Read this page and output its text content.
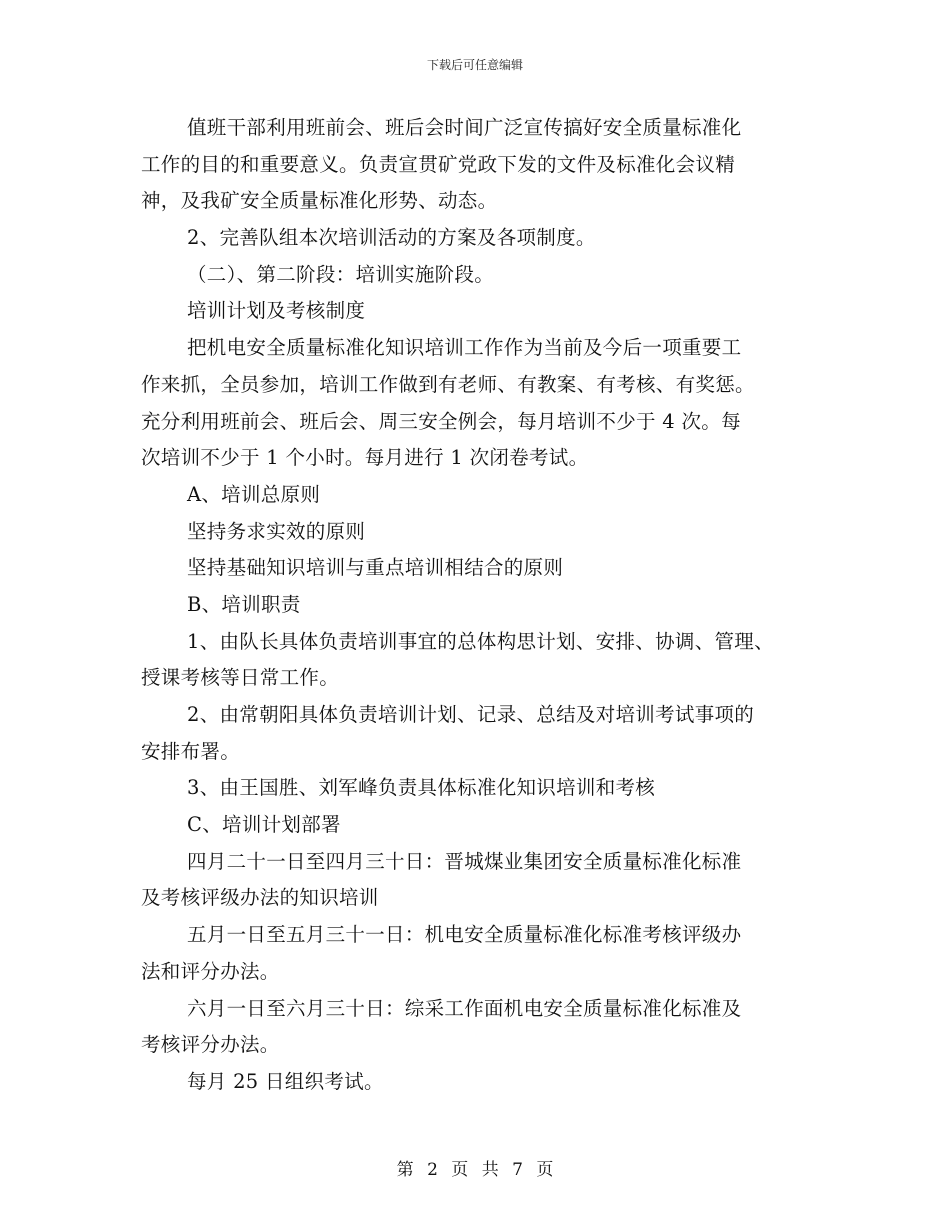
下载后可任意编辑
值班干部利用班前会、班后会时间广泛宣传搞好安全质量标准化
工作的目的和重要意义。负责宣贯矿党政下发的文件及标准化会议精
神，及我矿安全质量标准化形势、动态。
2、完善队组本次培训活动的方案及各项制度。
（二）、第二阶段：培训实施阶段。
培训计划及考核制度
把机电安全质量标准化知识培训工作作为当前及今后一项重要工
作来抓，全员参加，培训工作做到有老师、有教案、有考核、有奖惩。
充分利用班前会、班后会、周三安全例会，每月培训不少于 4 次。每
次培训不少于 1 个小时。每月进行 1 次闭卷考试。
A、培训总原则
坚持务求实效的原则
坚持基础知识培训与重点培训相结合的原则
B、培训职责
1、由队长具体负责培训事宜的总体构思计划、安排、协调、管理、
授课考核等日常工作。
2、由常朝阳具体负责培训计划、记录、总结及对培训考试事项的
安排布署。
3、由王国胜、刘军峰负责具体标准化知识培训和考核
C、培训计划部署
四月二十一日至四月三十日：晋城煤业集团安全质量标准化标准
及考核评级办法的知识培训
五月一日至五月三十一日：机电安全质量标准化标准考核评级办
法和评分办法。
六月一日至六月三十日：综采工作面机电安全质量标准化标准及
考核评分办法。
每月 25 日组织考试。
第 2 页 共 7 页
